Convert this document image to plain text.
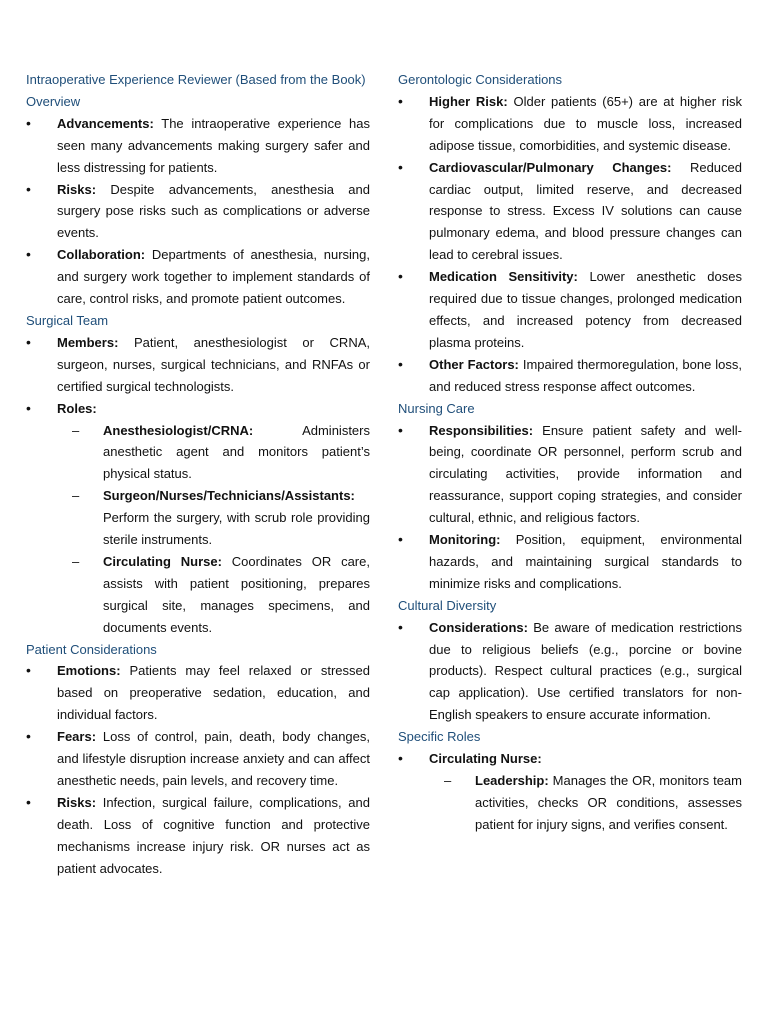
Intraoperative Experience Reviewer (Based from the Book)

Overview

• Advancements: The intraoperative experience has seen many advancements making surgery safer and less distressing for patients.
• Risks: Despite advancements, anesthesia and surgery pose risks such as complications or adverse events.
• Collaboration: Departments of anesthesia, nursing, and surgery work together to implement standards of care, control risks, and promote patient outcomes.

Surgical Team

• Members: Patient, anesthesiologist or CRNA, surgeon, nurses, surgical technicians, and RNFAs or certified surgical technologists.
• Roles:
– Anesthesiologist/CRNA:	Administers anesthetic agent and monitors patient’s physical status.
– Surgeon/Nurses/Technicians/Assistants: Perform the surgery, with scrub role providing sterile instruments.
– Circulating Nurse: Coordinates OR care, assists with patient positioning, prepares surgical site, manages specimens, and documents events.

Patient Considerations

• Emotions: Patients may feel relaxed or stressed based on preoperative sedation, education, and individual factors.
• Fears: Loss of control, pain, death, body changes, and lifestyle disruption increase anxiety and can affect anesthetic needs, pain levels, and recovery time.
• Risks: Infection, surgical failure, complications, and death. Loss of cognitive function and protective mechanisms increase injury risk. OR nurses act as patient advocates.

Gerontologic Considerations

• Higher Risk: Older patients (65+) are at higher risk for complications due to muscle loss, increased adipose tissue, comorbidities, and systemic disease.
• Cardiovascular/Pulmonary Changes: Reduced cardiac output, limited reserve, and decreased response to stress. Excess IV solutions can cause pulmonary edema, and blood pressure changes can lead to cerebral issues.
• Medication Sensitivity: Lower anesthetic doses required due to tissue changes, prolonged medication effects, and increased potency from decreased plasma proteins.
• Other Factors: Impaired thermoregulation, bone loss, and reduced stress response affect outcomes.

Nursing Care

• Responsibilities: Ensure patient safety and well-being, coordinate OR personnel, perform scrub and circulating activities, provide information and reassurance, support coping strategies, and consider cultural, ethnic, and religious factors.
• Monitoring: Position, equipment, environmental hazards, and maintaining surgical standards to minimize risks and complications.

Cultural Diversity

• Considerations: Be aware of medication restrictions due to religious beliefs (e.g., porcine or bovine products). Respect cultural practices (e.g., surgical cap application). Use certified translators for non-English speakers to ensure accurate information.

Specific Roles

• Circulating Nurse:
– Leadership: Manages the OR, monitors team activities, checks OR conditions, assesses patient for injury signs, and verifies consent.
